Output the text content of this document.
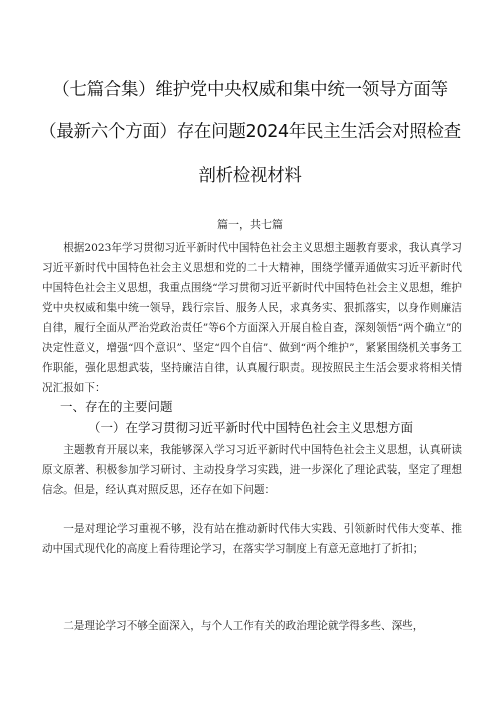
（七篇合集）维护党中央权威和集中统一领导方面等
（最新六个方面）存在问题2024年民主生活会对照检查
剖析检视材料
篇一，共七篇

根据2023年学习贯彻习近平新时代中国特色社会主义思想主题教育要求，我认真学习习近平新时代中国特色社会主义思想和党的二十大精神，围绕学懂弄通做实习近平新时代中国特色社会主义思想，我重点围绕“学习贯彻习近平新时代中国特色社会主义思想，维护党中央权威和集中统一领导，践行宗旨、服务人民，求真务实、狠抓落实，以身作则廉洁自律，履行全面从严治党政治责任”等6个方面深入开展自检自查，深刻领悟“两个确立”的决定性意义，增强“四个意识”、坚定“四个自信”、做到“两个维护”，紧紧围绕机关事务工作职能，强化思想武装，坚持廉洁自律，认真履行职责。现按照民主生活会要求将相关情况汇报如下：

一、存在的主要问题
（一）在学习贯彻习近平新时代中国特色社会主义思想方面

主题教育开展以来，我能够深入学习习近平新时代中国特色社会主义思想，认真研读原文原著、积极参加学习研讨、主动投身学习实践，进一步深化了理论武装，坚定了理想信念。但是，经认真对照反思，还存在如下问题：

一是对理论学习重视不够，没有站在推动新时代伟大实践、引领新时代伟大变革、推动中国式现代化的高度上看待理论学习，在落实学习制度上有意无意地打了折扣；

二是理论学习不够全面深入，与个人工作有关的政治理论就学得多些、深些，
